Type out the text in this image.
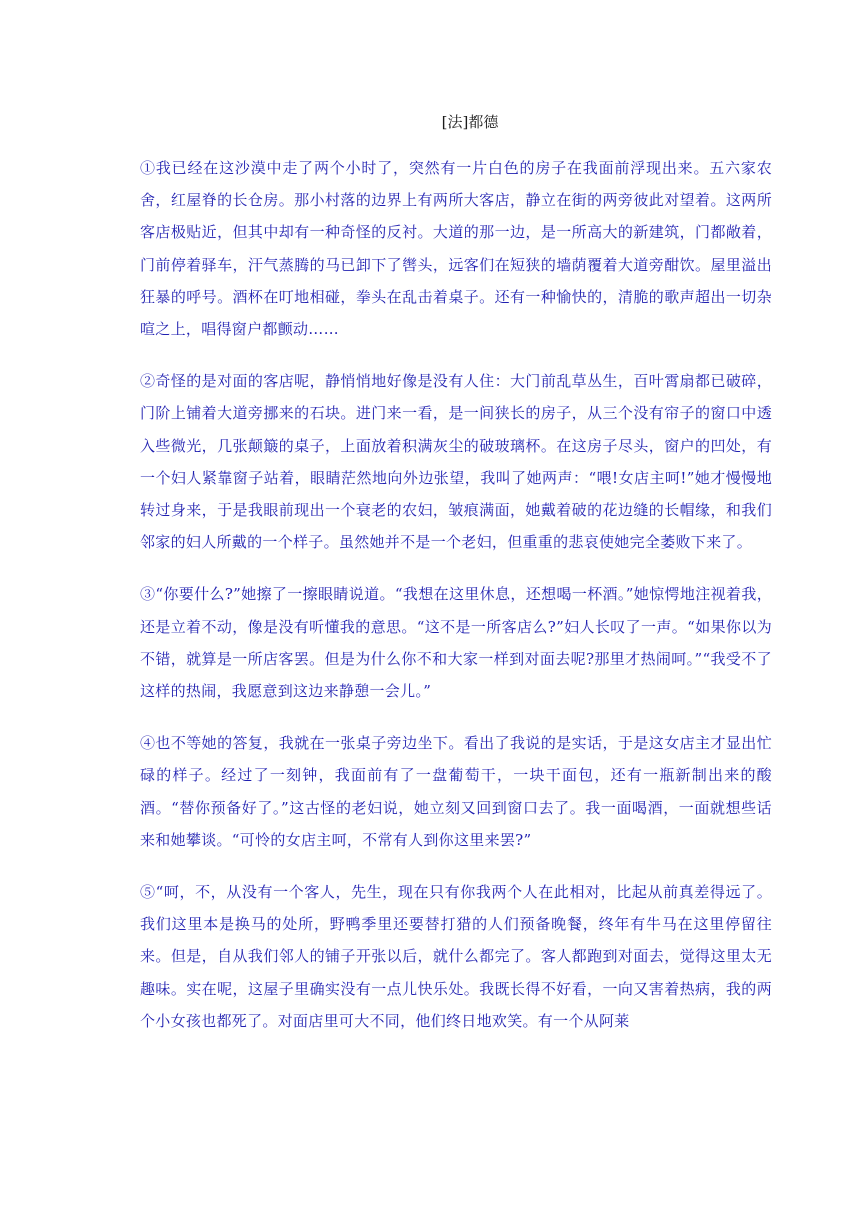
[法]都德

①我已经在这沙漠中走了两个小时了，突然有一片白色的房子在我面前浮现出来。五六家农舍，红屋脊的长仓房。那小村落的边界上有两所大客店，静立在街的两旁彼此对望着。这两所客店极贴近，但其中却有一种奇怪的反衬。大道的那一边，是一所高大的新建筑，门都敞着，门前停着驿车，汗气蒸腾的马已卸下了辔头，远客们在短狭的墙荫覆着大道旁酣饮。屋里溢出狂暴的呼号。酒杯在叮地相碰，拳头在乱击着桌子。还有一种愉快的，清脆的歌声超出一切杂喧之上，唱得窗户都颤动……

②奇怪的是对面的客店呢，静悄悄地好像是没有人住：大门前乱草丛生，百叶霄扇都已破碎，门阶上铺着大道旁挪来的石块。进门来一看，是一间狭长的房子，从三个没有帘子的窗口中透入些微光，几张颠簸的桌子，上面放着积满灰尘的破玻璃杯。在这房子尽头，窗户的凹处，有一个妇人紧靠窗子站着，眼睛茫然地向外边张望，我叫了她两声：“喂!女店主呵!”她才慢慢地转过身来，于是我眼前现出一个衰老的农妇，皱痕满面，她戴着破的花边缝的长帽缘，和我们邻家的妇人所戴的一个样子。虽然她并不是一个老妇，但重重的悲哀使她完全萎败下来了。

③“你要什么?”她擦了一擦眼睛说道。“我想在这里休息，还想喝一杯酒。”她惊愕地注视着我，还是立着不动，像是没有听懂我的意思。“这不是一所客店么?”妇人长叹了一声。“如果你以为不错，就算是一所店客罢。但是为什么你不和大家一样到对面去呢?那里才热闹呵。”“我受不了这样的热闹，我愿意到这边来静憩一会儿。”

④也不等她的答复，我就在一张桌子旁边坐下。看出了我说的是实话，于是这女店主才显出忙碌的样子。经过了一刻钟，我面前有了一盘葡萄干，一块干面包，还有一瓶新制出来的酸酒。“替你预备好了。”这古怪的老妇说，她立刻又回到窗口去了。我一面喝酒，一面就想些话来和她攀谈。“可怜的女店主呵，不常有人到你这里来罢?”

⑤“呵，不，从没有一个客人，先生，现在只有你我两个人在此相对，比起从前真差得远了。我们这里本是换马的处所，野鸭季里还要替打猎的人们预备晚餐，终年有牛马在这里停留往来。但是，自从我们邻人的铺子开张以后，就什么都完了。客人都跑到对面去，觉得这里太无趣味。实在呢，这屋子里确实没有一点儿快乐处。我既长得不好看，一向又害着热病，我的两个小女孩也都死了。对面店里可大不同，他们终日地欢笑。有一个从阿莱
